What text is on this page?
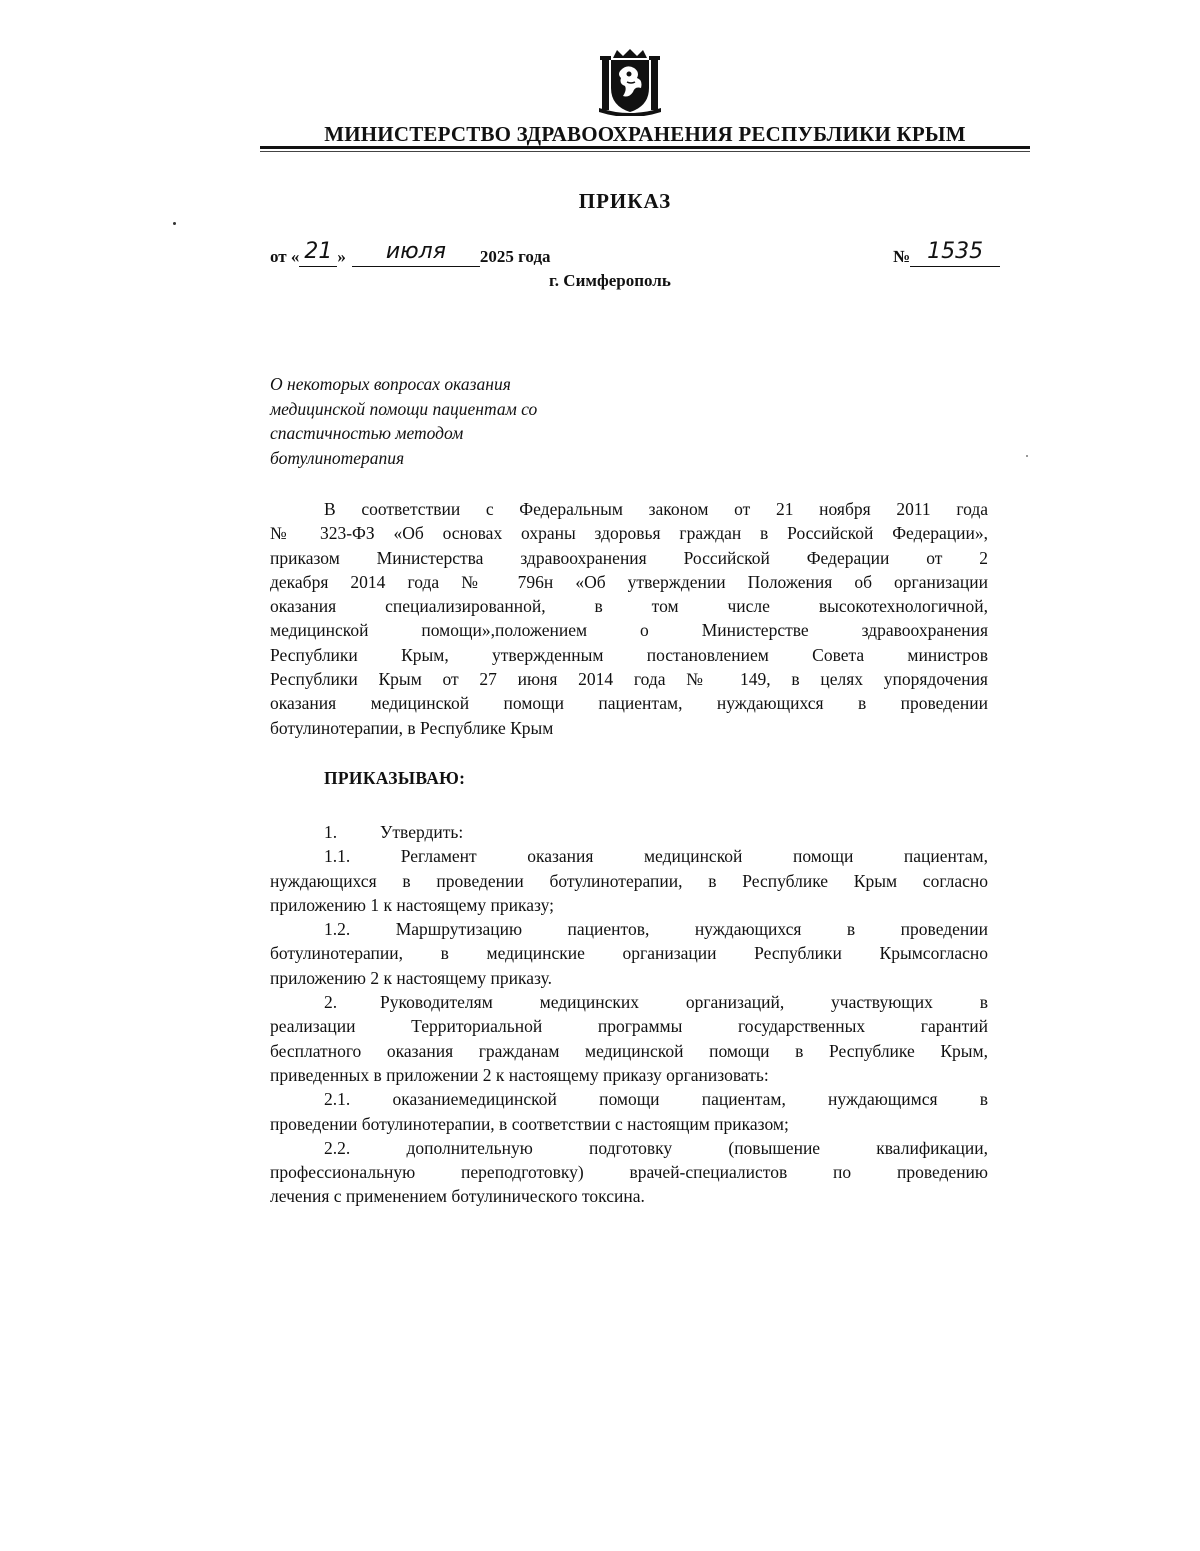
МИНИСТЕРСТВО ЗДРАВООХРАНЕНИЯ РЕСПУБЛИКИ КРЫМ
ПРИКАЗ
от « 21 » июля 2025 года	№ 1535
г. Симферополь
О некоторых вопросах оказания
медицинской помощи пациентам со
спастичностью методом
ботулинотерапия
В соответствии с Федеральным законом от 21 ноября 2011 года
№ 323-ФЗ «Об основах охраны здоровья граждан в Российской Федерации»,
приказом Министерства здравоохранения Российской Федерации от 2
декабря 2014 года № 796н «Об утверждении Положения об организации
оказания специализированной, в том числе высокотехнологичной,
медицинской помощи»,положением о Министерстве здравоохранения
Республики Крым, утвержденным постановлением Совета министров
Республики Крым от 27 июня 2014 года № 149, в целях упорядочения
оказания медицинской помощи пациентам, нуждающихся в проведении
ботулинотерапии, в Республике Крым
ПРИКАЗЫВАЮ:
1. Утвердить:
1.1. Регламент оказания медицинской помощи пациентам,
нуждающихся в проведении ботулинотерапии, в Республике Крым согласно
приложению 1 к настоящему приказу;
1.2. Маршрутизацию пациентов, нуждающихся в проведении
ботулинотерапии, в медицинские организации Республики Крымсогласно
приложению 2 к настоящему приказу.
2.	Руководителям медицинских организаций, участвующих в
реализации Территориальной программы государственных гарантий
бесплатного оказания гражданам медицинской помощи в Республике Крым,
приведенных в приложении 2 к настоящему приказу организовать:
2.1. оказаниемедицинской помощи пациентам, нуждающимся в
проведении ботулинотерапии, в соответствии с настоящим приказом;
2.2. дополнительную подготовку (повышение квалификации,
профессиональную переподготовку) врачей-специалистов по проведению
лечения с применением ботулинического токсина.
